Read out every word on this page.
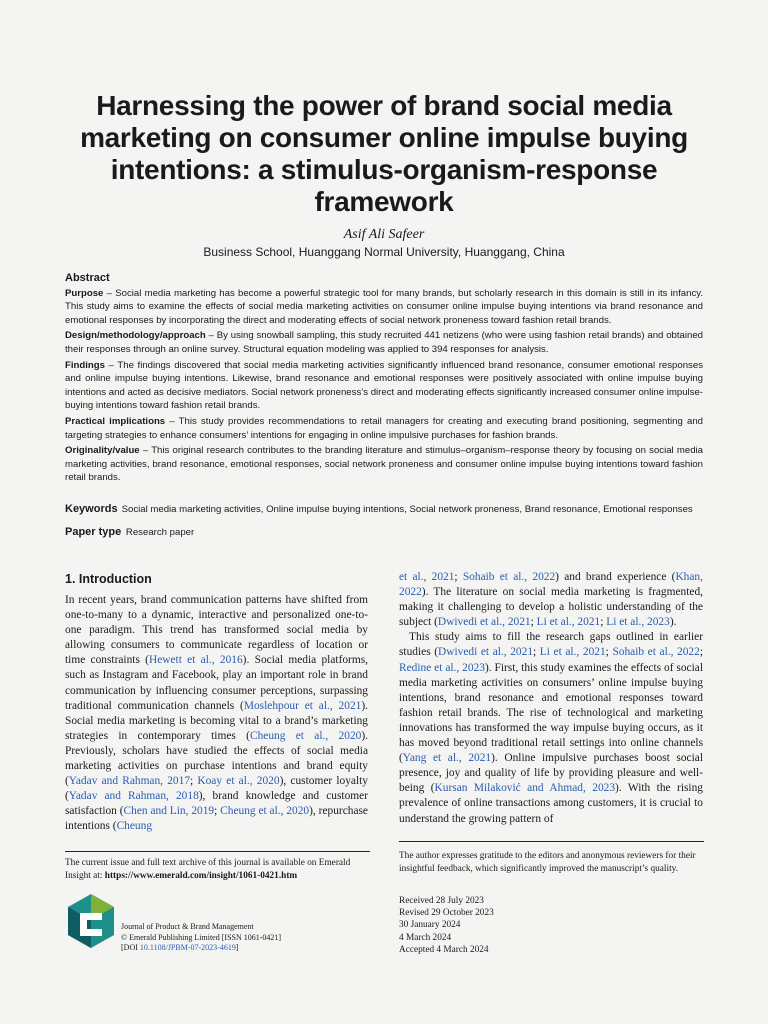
Harnessing the power of brand social media marketing on consumer online impulse buying intentions: a stimulus-organism-response framework
Asif Ali Safeer
Business School, Huanggang Normal University, Huanggang, China
Abstract

Purpose – Social media marketing has become a powerful strategic tool for many brands, but scholarly research in this domain is still in its infancy. This study aims to examine the effects of social media marketing activities on consumer online impulse buying intentions via brand resonance and emotional responses by incorporating the direct and moderating effects of social network proneness toward fashion retail brands.

Design/methodology/approach – By using snowball sampling, this study recruited 441 netizens (who were using fashion retail brands) and obtained their responses through an online survey. Structural equation modeling was applied to 394 responses for analysis.

Findings – The findings discovered that social media marketing activities significantly influenced brand resonance, consumer emotional responses and online impulse buying intentions. Likewise, brand resonance and emotional responses were positively associated with online impulse buying intentions and acted as decisive mediators. Social network proneness’s direct and moderating effects significantly increased consumer online impulse-buying intentions toward fashion retail brands.

Practical implications – This study provides recommendations to retail managers for creating and executing brand positioning, segmenting and targeting strategies to enhance consumers’ intentions for engaging in online impulsive purchases for fashion brands.

Originality/value – This original research contributes to the branding literature and stimulus–organism–response theory by focusing on social media marketing activities, brand resonance, emotional responses, social network proneness and consumer online impulse buying intentions toward fashion retail brands.

Keywords Social media marketing activities, Online impulse buying intentions, Social network proneness, Brand resonance, Emotional responses
Paper type Research paper
1. Introduction

In recent years, brand communication patterns have shifted from one-to-many to a dynamic, interactive and personalized one-to-one paradigm. This trend has transformed social media by allowing consumers to communicate regardless of location or time constraints (Hewett et al., 2016). Social media platforms, such as Instagram and Facebook, play an important role in brand communication by influencing consumer perceptions, surpassing traditional communication channels (Moslehpour et al., 2021). Social media marketing is becoming vital to a brand’s marketing strategies in contemporary times (Cheung et al., 2020). Previously, scholars have studied the effects of social media marketing activities on purchase intentions and brand equity (Yadav and Rahman, 2017; Koay et al., 2020), customer loyalty (Yadav and Rahman, 2018), brand knowledge and customer satisfaction (Chen and Lin, 2019; Cheung et al., 2020), repurchase intentions (Cheung

et al., 2021; Sohaib et al., 2022) and brand experience (Khan, 2022). The literature on social media marketing is fragmented, making it challenging to develop a holistic understanding of the subject (Dwivedi et al., 2021; Li et al., 2021; Li et al., 2023).

This study aims to fill the research gaps outlined in earlier studies (Dwivedi et al., 2021; Li et al., 2021; Sohaib et al., 2022; Redine et al., 2023). First, this study examines the effects of social media marketing activities on consumers’ online impulse buying intentions, brand resonance and emotional responses toward fashion retail brands. The rise of technological and marketing innovations has transformed the way impulse buying occurs, as it has moved beyond traditional retail settings into online channels (Yang et al., 2021). Online impulsive purchases boost social presence, joy and quality of life by providing pleasure and well-being (Kursan Milaković and Ahmad, 2023). With the rising prevalence of online transactions among customers, it is crucial to understand the growing pattern of

The current issue and full text archive of this journal is available on Emerald Insight at: https://www.emerald.com/insight/1061-0421.htm
Journal of Product & Brand Management
© Emerald Publishing Limited [ISSN 1061-0421]
[DOI 10.1108/JPBM-07-2023-4619]
The author expresses gratitude to the editors and anonymous reviewers for their insightful feedback, which significantly improved the manuscript’s quality.
Received 28 July 2023
Revised 29 October 2023
30 January 2024
4 March 2024
Accepted 4 March 2024
